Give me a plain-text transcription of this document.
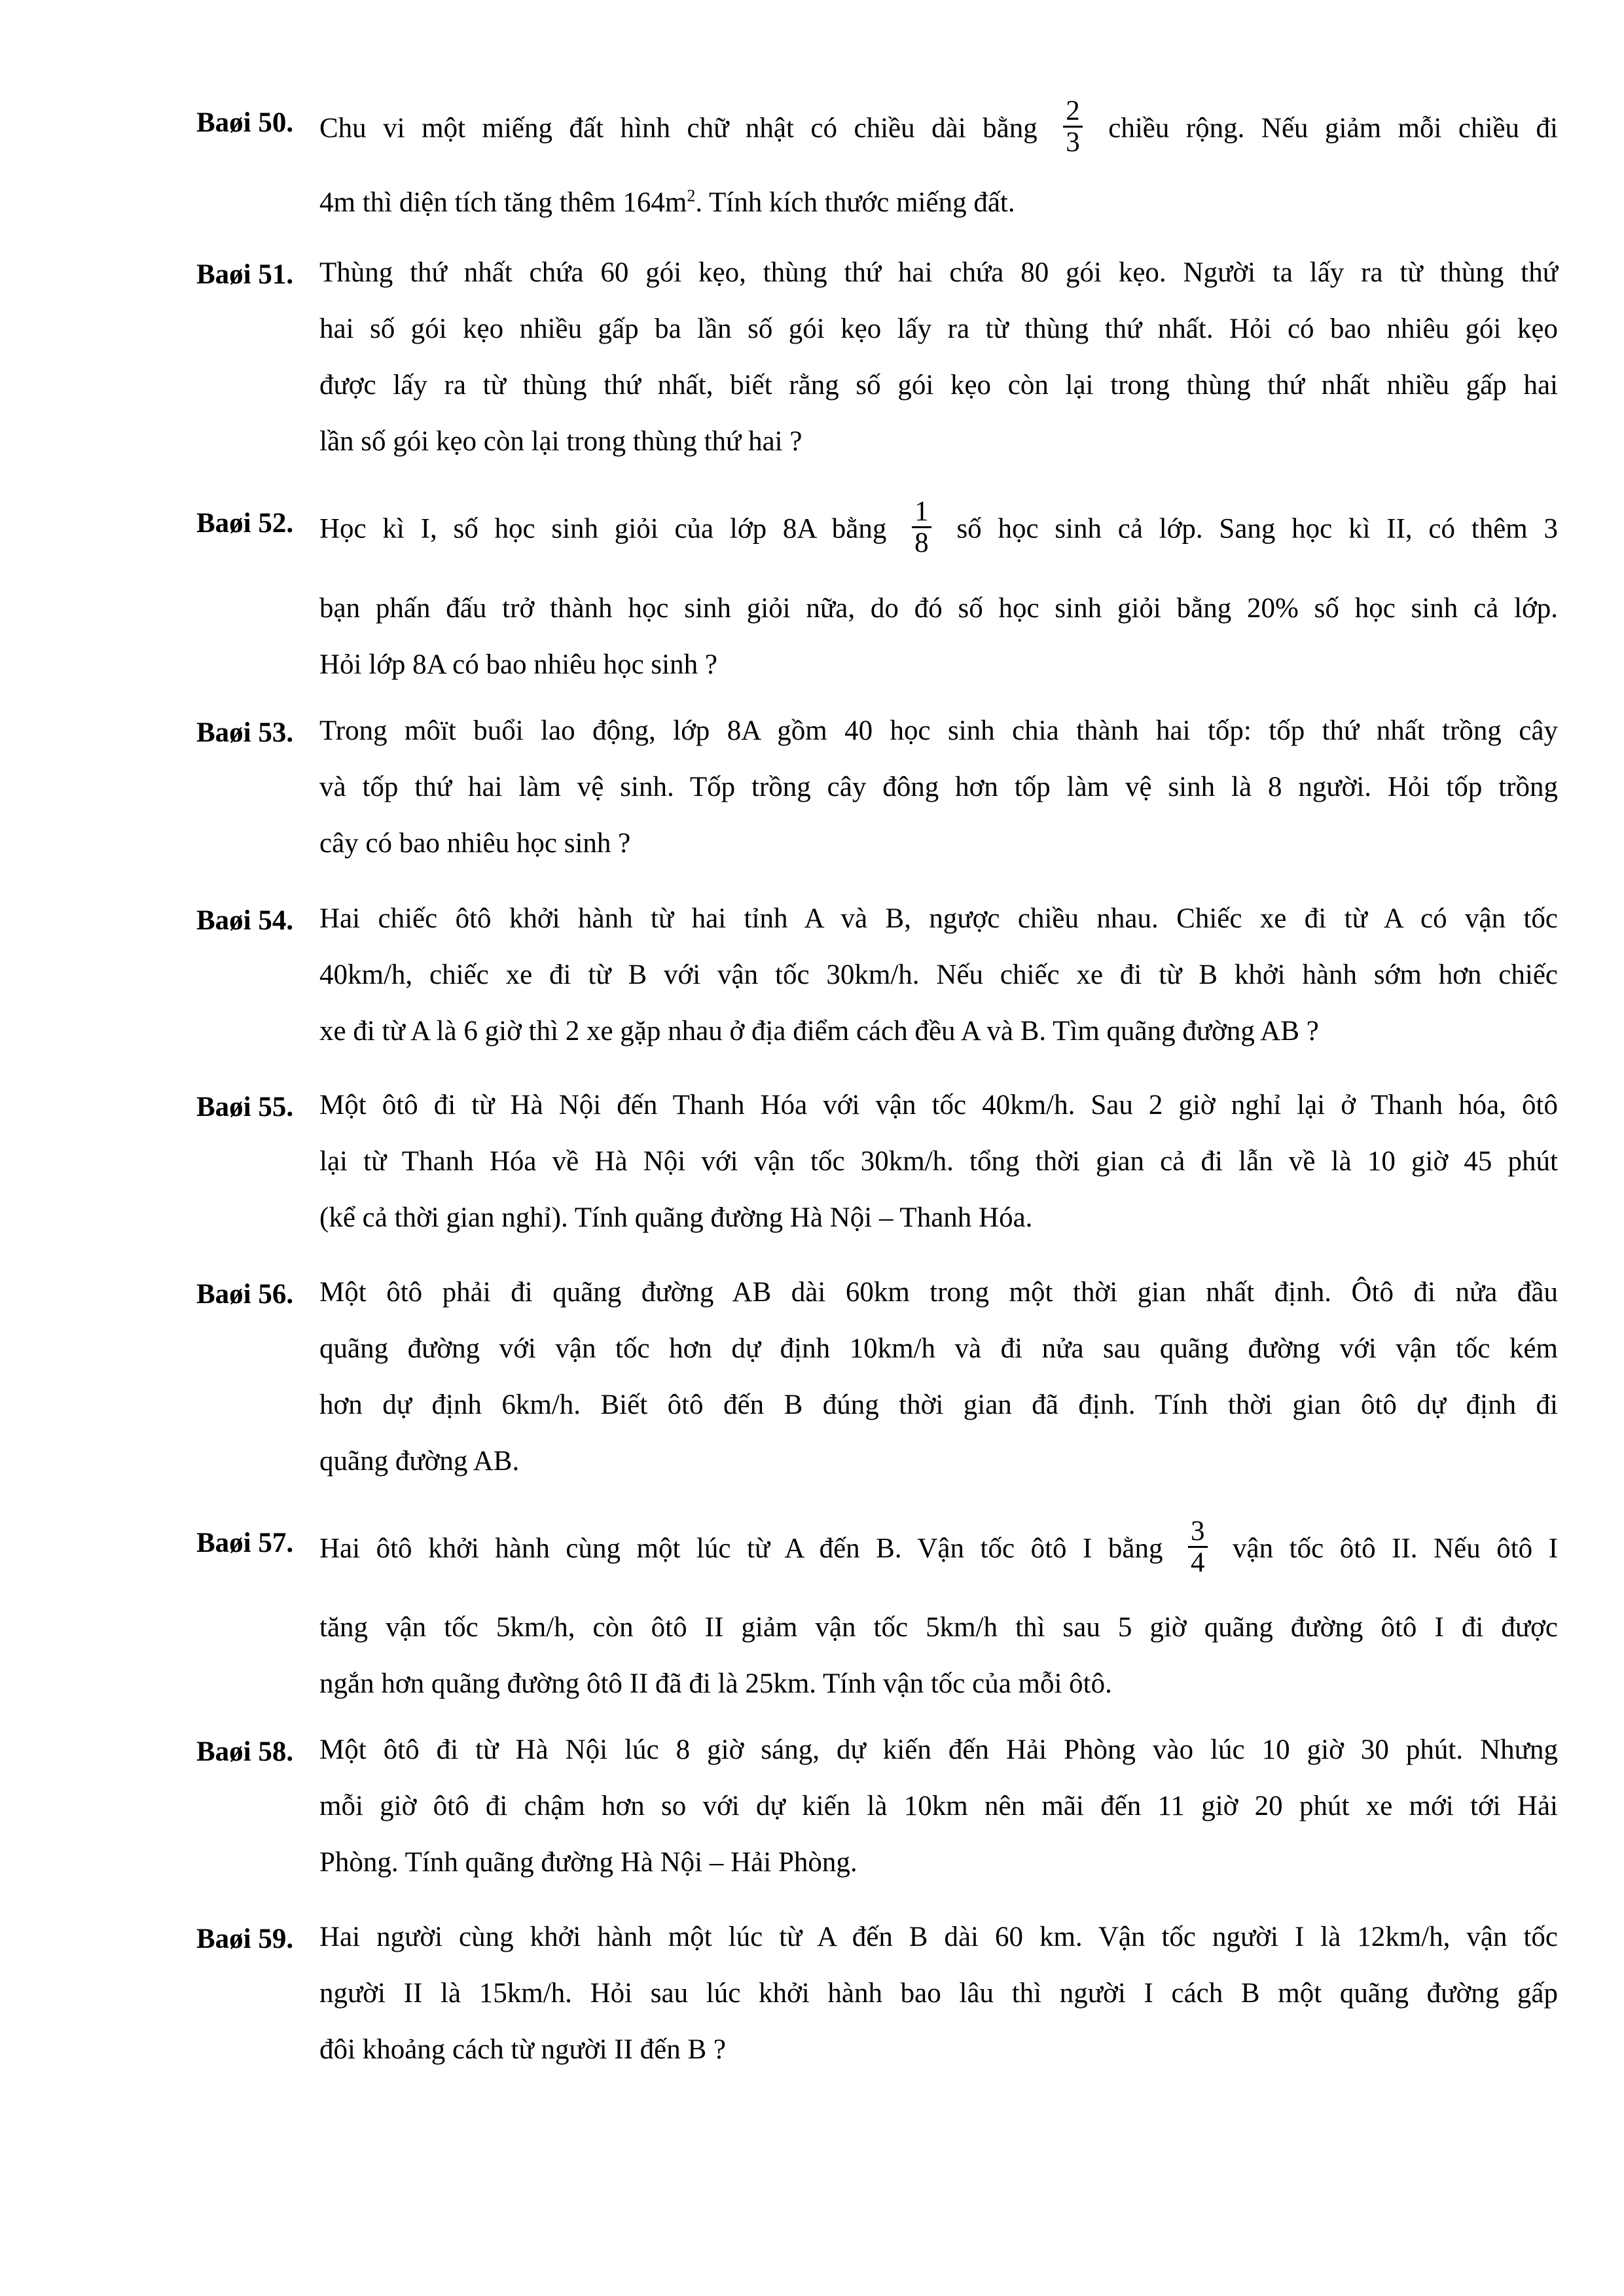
Baøi 50. Chu vi một miếng đất hình chữ nhật có chiều dài bằng $\frac{2}{3}$ chiều rộng. Nếu giảm mỗi chiều đi
4m thì diện tích tăng thêm $164m^2$. Tính kích thước miếng đất.
Baøi 51. Thùng thứ nhất chứa 60 gói kẹo, thùng thứ hai chứa 80 gói kẹo. Người ta lấy ra từ thùng thứ
hai số gói kẹo nhiều gấp ba lần số gói kẹo lấy ra từ thùng thứ nhất. Hỏi có bao nhiêu gói kẹo
được lấy ra từ thùng thứ nhất, biết rằng số gói kẹo còn lại trong thùng thứ nhất nhiều gấp hai
lần số gói kẹo còn lại trong thùng thứ hai ?
Baøi 52. Học kì I, số học sinh giỏi của lớp 8A bằng $\frac{1}{8}$ số học sinh cả lớp. Sang học kì II, có thêm 3
bạn phấn đấu trở thành học sinh giỏi nữa, do đó số học sinh giỏi bằng 20% số học sinh cả lớp.
Hỏi lớp 8A có bao nhiêu học sinh ?
Baøi 53. Trong môït buổi lao động, lớp 8A gồm 40 học sinh chia thành hai tốp: tốp thứ nhất trồng cây
và tốp thứ hai làm vệ sinh. Tốp trồng cây đông hơn tốp làm vệ sinh là 8 người. Hỏi tốp trồng
cây có bao nhiêu học sinh ?
Baøi 54. Hai chiếc ôtô khởi hành từ hai tỉnh A và B, ngược chiều nhau. Chiếc xe đi từ A có vận tốc
40km/h, chiếc xe đi từ B với vận tốc 30km/h. Nếu chiếc xe đi từ B khởi hành sớm hơn chiếc
xe đi từ A là 6 giờ thì 2 xe gặp nhau ở địa điểm cách đều A và B. Tìm quãng đường AB ?
Baøi 55. Một ôtô đi từ Hà Nội đến Thanh Hóa với vận tốc 40km/h. Sau 2 giờ nghỉ lại ở Thanh hóa, ôtô
lại từ Thanh Hóa về Hà Nội với vận tốc 30km/h. tổng thời gian cả đi lẫn về là 10 giờ 45 phút
(kể cả thời gian nghỉ). Tính quãng đường Hà Nội – Thanh Hóa.
Baøi 56. Một ôtô phải đi quãng đường AB dài 60km trong một thời gian nhất định. Ôtô đi nửa đầu
quãng đường với vận tốc hơn dự định 10km/h và đi nửa sau quãng đường với vận tốc kém
hơn dự định 6km/h. Biết ôtô đến B đúng thời gian đã định. Tính thời gian ôtô dự định đi
quãng đường AB.
Baøi 57. Hai ôtô khởi hành cùng một lúc từ A đến B. Vận tốc ôtô I bằng $\frac{3}{4}$ vận tốc ôtô II. Nếu ôtô I
tăng vận tốc 5km/h, còn ôtô II giảm vận tốc 5km/h thì sau 5 giờ quãng đường ôtô I đi được
ngắn hơn quãng đường ôtô II đã đi là 25km. Tính vận tốc của mỗi ôtô.
Baøi 58. Một ôtô đi từ Hà Nội lúc 8 giờ sáng, dự kiến đến Hải Phòng vào lúc 10 giờ 30 phút. Nhưng
mỗi giờ ôtô đi chậm hơn so với dự kiến là 10km nên mãi đến 11 giờ 20 phút xe mới tới Hải
Phòng. Tính quãng đường Hà Nội – Hải Phòng.
Baøi 59. Hai người cùng khởi hành một lúc từ A đến B dài 60 km. Vận tốc người I là 12km/h, vận tốc
người II là 15km/h. Hỏi sau lúc khởi hành bao lâu thì người I cách B một quãng đường gấp
đôi khoảng cách từ người II đến B ?
